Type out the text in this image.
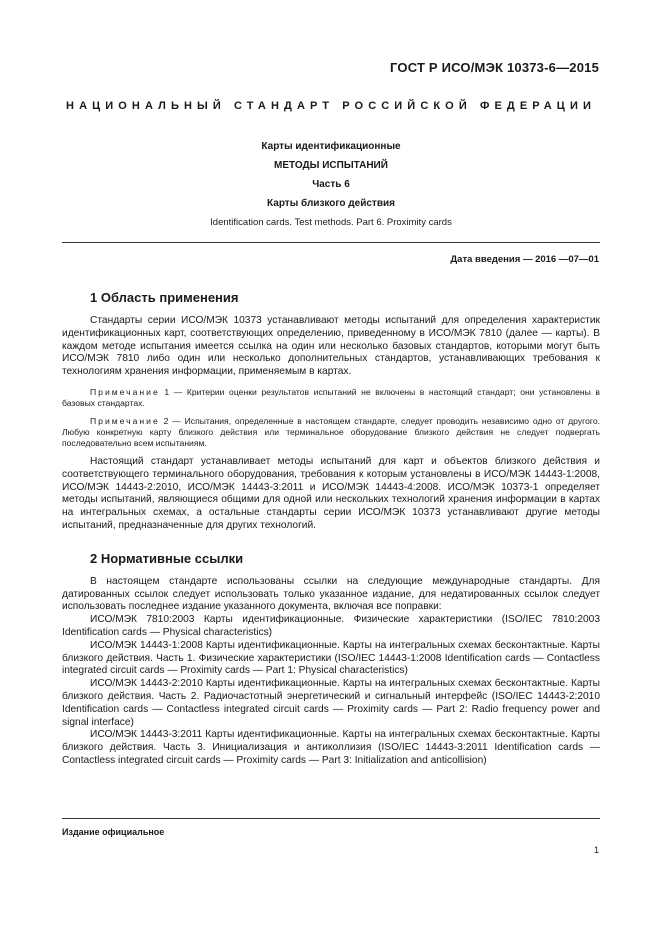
ГОСТ Р ИСО/МЭК 10373-6—2015
НАЦИОНАЛЬНЫЙ СТАНДАРТ РОССИЙСКОЙ ФЕДЕРАЦИИ
Карты идентификационные
МЕТОДЫ ИСПЫТАНИЙ
Часть 6
Карты близкого действия
Identification cards. Test methods. Part 6. Proximity cards
Дата введения — 2016 —07—01
1 Область применения

Стандарты серии ИСО/МЭК 10373 устанавливают методы испытаний для определения характеристик идентификационных карт, соответствующих определению, приведенному в ИСО/МЭК 7810 (далее — карты). В каждом методе испытания имеется ссылка на один или несколько базовых стандартов, которыми могут быть ИСО/МЭК 7810 либо один или несколько дополнительных стандартов, устанавливающих требования к технологиям хранения информации, применяемым в картах.

Примечание 1 — Критерии оценки результатов испытаний не включены в настоящий стандарт; они установлены в базовых стандартах.

Примечание 2 — Испытания, определенные в настоящем стандарте, следует проводить независимо одно от другого. Любую конкретную карту близкого действия или терминальное оборудование близкого действия не следует подвергать последовательно всем испытаниям.

Настоящий стандарт устанавливает методы испытаний для карт и объектов близкого действия и соответствующего терминального оборудования, требования к которым установлены в ИСО/МЭК 14443-1:2008, ИСО/МЭК 14443-2:2010, ИСО/МЭК 14443-3:2011 и ИСО/МЭК 14443-4:2008. ИСО/МЭК 10373-1 определяет методы испытаний, являющиеся общими для одной или нескольких технологий хранения информации в картах на интегральных схемах, а остальные стандарты серии ИСО/МЭК 10373 устанавливают другие методы испытаний, предназначенные для других технологий.

2 Нормативные ссылки

В настоящем стандарте использованы ссылки на следующие международные стандарты. Для датированных ссылок следует использовать только указанное издание, для недатированных ссылок следует использовать последнее издание указанного документа, включая все поправки:

ИСО/МЭК 7810:2003 Карты идентификационные. Физические характеристики (ISO/IEC 7810:2003 Identification cards — Physical characteristics)

ИСО/МЭК 14443-1:2008 Карты идентификационные. Карты на интегральных схемах бесконтактные. Карты близкого действия. Часть 1. Физические характеристики (ISO/IEC 14443-1:2008 Identification cards — Contactless integrated circuit cards — Proximity cards — Part 1: Physical characteristics)

ИСО/МЭК 14443-2:2010 Карты идентификационные. Карты на интегральных схемах бесконтактные. Карты близкого действия. Часть 2. Радиочастотный энергетический и сигнальный интерфейс (ISO/IEC 14443-2:2010 Identification cards — Contactless integrated circuit cards — Proximity cards — Part 2: Radio frequency power and signal interface)

ИСО/МЭК 14443-3:2011 Карты идентификационные. Карты на интегральных схемах бесконтактные. Карты близкого действия. Часть 3. Инициализация и антиколлизия (ISO/IEC 14443-3:2011 Identification cards — Contactless integrated circuit cards — Proximity cards — Part 3: Initialization and anticollision)

Издание официальное
1
